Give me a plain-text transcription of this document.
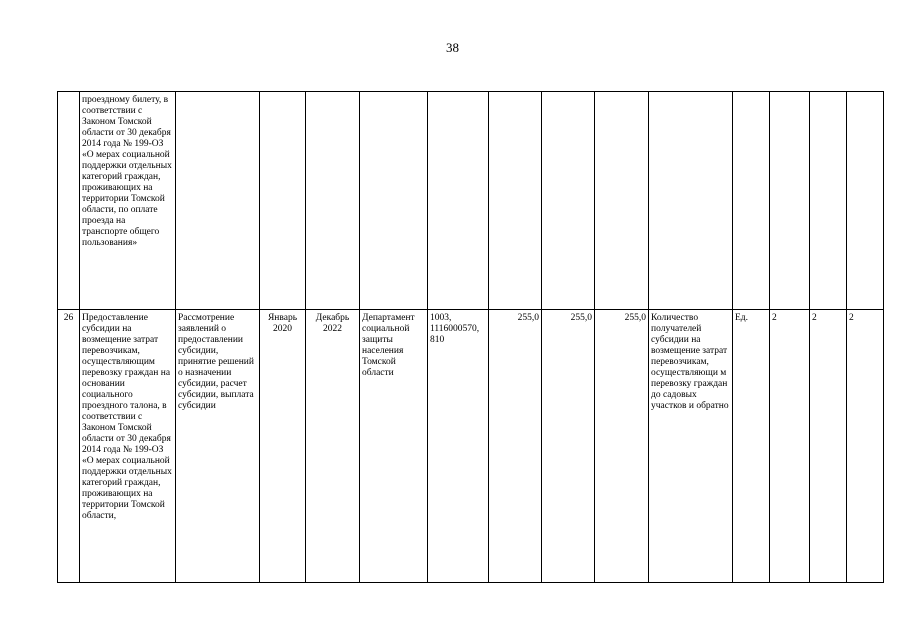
38
	проездному билету, в соответствии с Законом Томской области от 30 декабря 2014 года № 199-ОЗ «О мерах социальной поддержки отдельных категорий граждан, проживающих на территории Томской области, по оплате проезда на транспорте общего пользования»													
26	Предоставление субсидии на возмещение затрат перевозчикам, осуществляющим перевозку граждан на основании социального проездного талона, в соответствии с Законом Томской области от 30 декабря 2014 года № 199-ОЗ «О мерах социальной поддержки отдельных категорий граждан, проживающих на территории Томской области,	Рассмотрение заявлений о предоставлении субсидии, принятие решений о назначении субсидии, расчет субсидии, выплата субсидии	Январь 2020	Декабрь 2022	Департамент социальной защиты населения Томской области	1003, 1116000570, 810	255,0	255,0	255,0	Количество получателей субсидии на возмещение затрат перевозчикам, осуществляющи м перевозку граждан до садовых участков и обратно	Ед.	2	2	2
